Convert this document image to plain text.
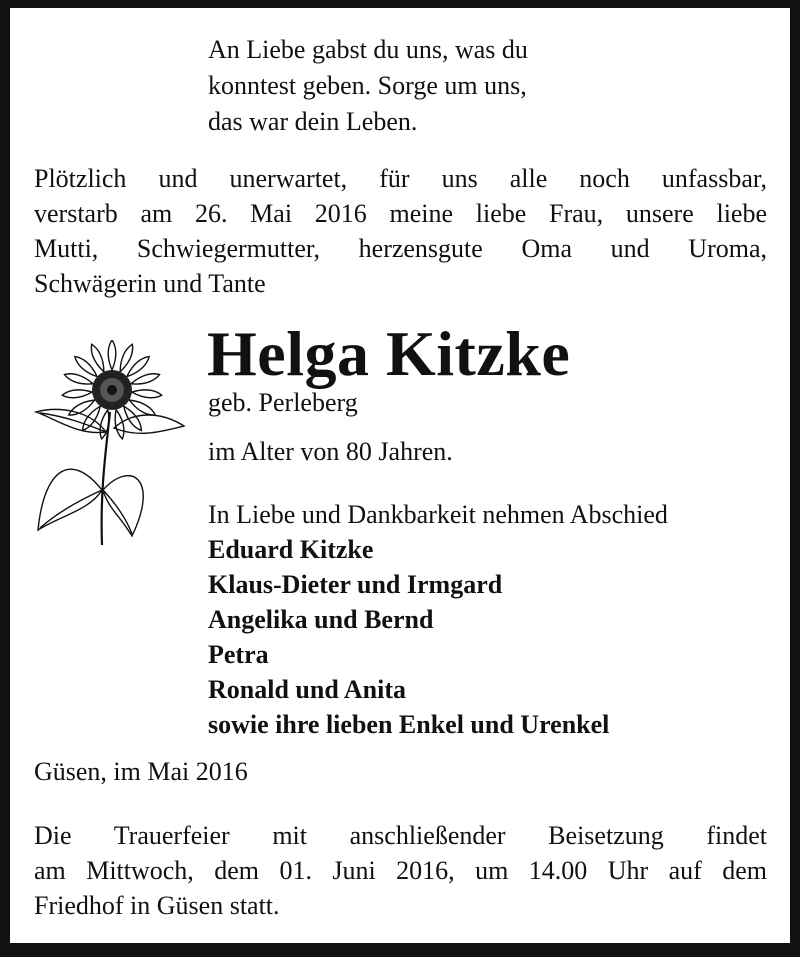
An Liebe gabst du uns, was du
konntest geben. Sorge um uns,
das war dein Leben.
Plötzlich und unerwartet, für uns alle noch unfassbar,
verstarb am 26. Mai 2016 meine liebe Frau, unsere liebe
Mutti, Schwiegermutter, herzensgute Oma und Uroma,
Schwägerin und Tante
Helga Kitzke
geb. Perleberg
im Alter von 80 Jahren.
In Liebe und Dankbarkeit nehmen Abschied
Eduard Kitzke
Klaus-Dieter und Irmgard
Angelika und Bernd
Petra
Ronald und Anita
sowie ihre lieben Enkel und Urenkel
Güsen, im Mai 2016
Die Trauerfeier mit anschließender Beisetzung findet
am Mittwoch, dem 01. Juni 2016, um 14.00 Uhr auf dem
Friedhof in Güsen statt.
